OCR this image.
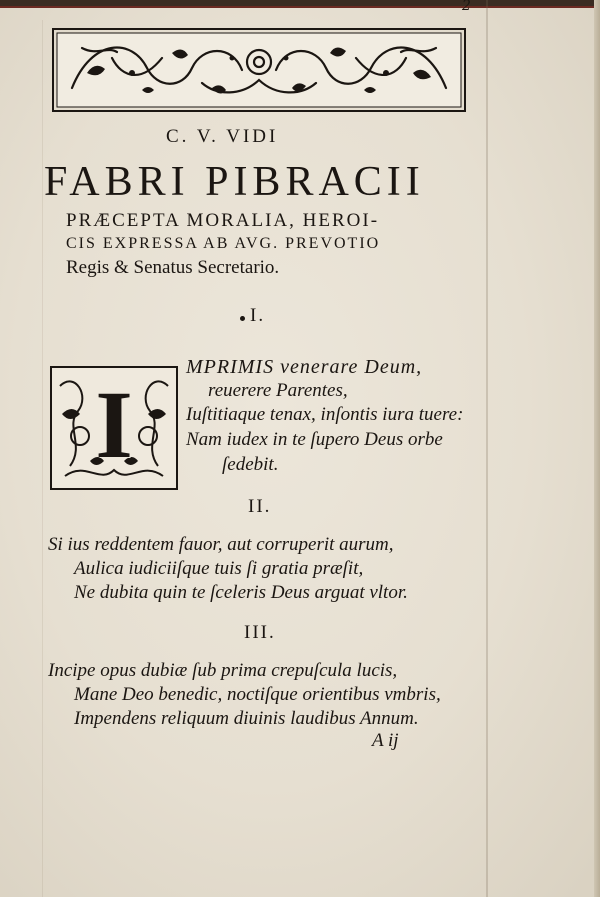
2
C. V. VIDI
FABRI PIBRACII
PRÆCEPTA MORALIA, HEROI-
CIS EXPRESSA AB AVG. PREVOTIO
Regis & Senatus Secretario.
I.
I
MPRIMIS venerare Deum,
reuerere Parentes,
Iuſtitiaque tenax, inſontis iura tuere:
Nam iudex in te ſupero Deus orbe
ſedebit.
II.
Si ius reddentem fauor, aut corruperit aurum,
Aulica iudiciiſque tuis ſi gratia præſit,
Ne dubita quin te ſceleris Deus arguat vltor.
III.
Incipe opus dubiæ ſub prima crepuſcula lucis,
Mane Deo benedic, noctiſque orientibus vmbris,
Impendens reliquum diuinis laudibus Annum.
A ij
